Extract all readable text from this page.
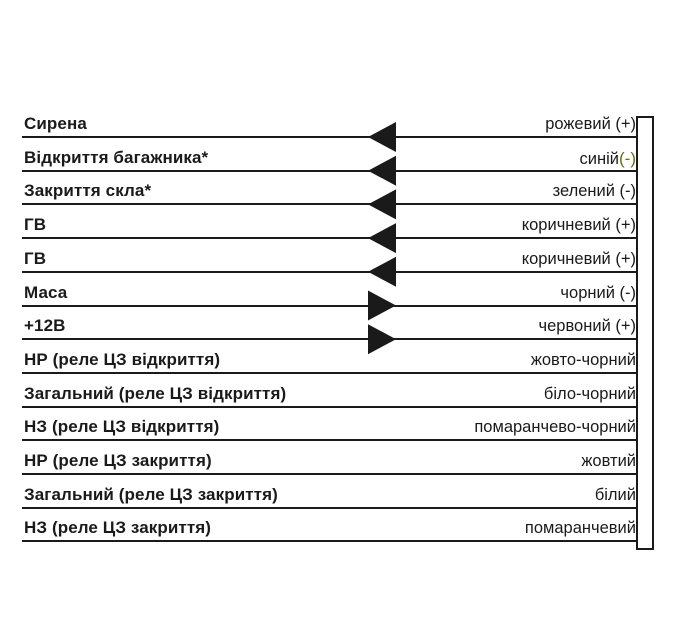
Сирена	рожевий (+)
Відкриття багажника*	синій(-)
Закриття скла*	зелений (-)
ГВ	коричневий (+)
ГВ	коричневий (+)
Маса	чорний (-)
+12В	червоний (+)
НР (реле ЦЗ відкриття)	жовто-чорний
Загальний (реле ЦЗ відкриття)	біло-чорний
НЗ (реле ЦЗ відкриття)	помаранчево-чорний
НР (реле ЦЗ закриття)	жовтий
Загальний (реле ЦЗ закриття)	білий
НЗ (реле ЦЗ закриття)	помаранчевий
